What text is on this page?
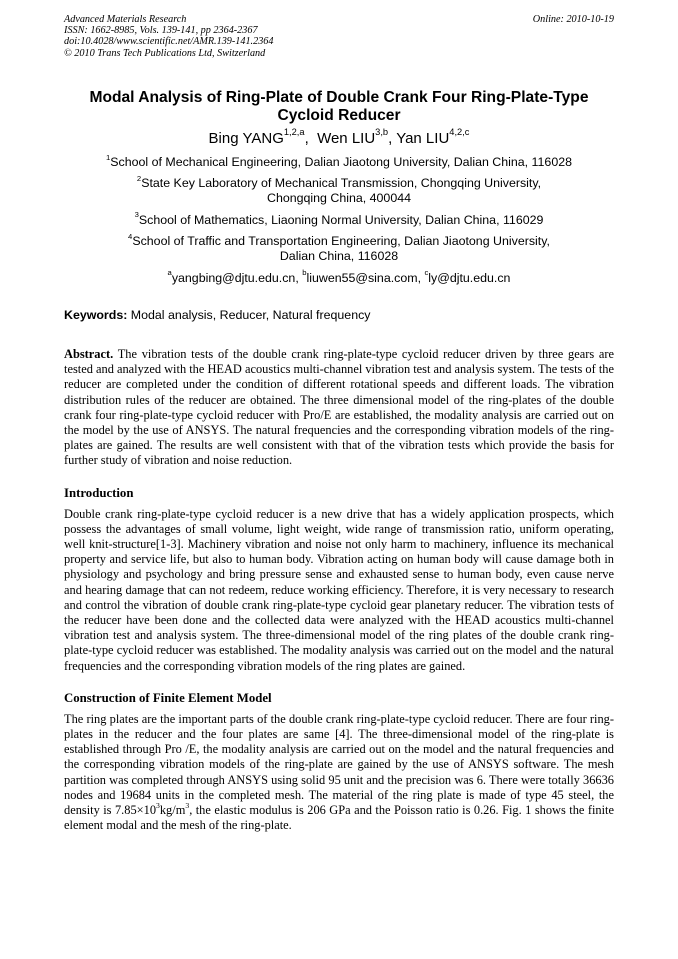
Advanced Materials Research
ISSN: 1662-8985, Vols. 139-141, pp 2364-2367
doi:10.4028/www.scientific.net/AMR.139-141.2364
© 2010 Trans Tech Publications Ltd, Switzerland
Online: 2010-10-19
Modal Analysis of Ring-Plate of Double Crank Four Ring-Plate-Type
Cycloid Reducer
Bing YANG$^{1,2,a}$,  Wen LIU$^{3,b}$, Yan LIU$^{4,2,c}$
$^1$School of Mechanical Engineering, Dalian Jiaotong University, Dalian China, 116028
$^2$State Key Laboratory of Mechanical Transmission, Chongqing University, Chongqing China, 400044
$^3$School of Mathematics, Liaoning Normal University, Dalian China, 116029
$^4$School of Traffic and Transportation Engineering, Dalian Jiaotong University, Dalian China, 116028
$^a$yangbing@djtu.edu.cn, $^b$liuwen55@sina.com, $^c$ly@djtu.edu.cn
Keywords: Modal analysis, Reducer, Natural frequency
Abstract. The vibration tests of the double crank ring-plate-type cycloid reducer driven by three gears are tested and analyzed with the HEAD acoustics multi-channel vibration test and analysis system. The tests of the reducer are completed under the condition of different rotational speeds and different loads. The vibration distribution rules of the reducer are obtained. The three dimensional model of the ring-plates of the double crank four ring-plate-type cycloid reducer with Pro/E are established, the modality analysis are carried out on the model by the use of ANSYS. The natural frequencies and the corresponding vibration models of the ring-plates are gained. The results are well consistent with that of the vibration tests which provide the basis for further study of vibration and noise reduction.
Introduction

Double crank ring-plate-type cycloid reducer is a new drive that has a widely application prospects, which possess the advantages of small volume, light weight, wide range of transmission ratio, uniform operating, well knit-structure[1-3]. Machinery vibration and noise not only harm to machinery, influence its mechanical property and service life, but also to human body. Vibration acting on human body will cause damage both in physiology and psychology and bring pressure sense and exhausted sense to human body, even cause nerve and hearing damage that can not redeem, reduce working efficiency. Therefore, it is very necessary to research and control the vibration of double crank ring-plate-type cycloid gear planetary reducer. The vibration tests of the reducer have been done and the collected data were analyzed with the HEAD acoustics multi-channel vibration test and analysis system. The three-dimensional model of the ring plates of the double crank ring-plate-type cycloid reducer was established. The modality analysis was carried out on the model and the natural frequencies and the corresponding vibration models of the ring plates are gained.

Construction of Finite Element Model

The ring plates are the important parts of the double crank ring-plate-type cycloid reducer. There are four ring-plates in the reducer and the four plates are same [4]. The three-dimensional model of the ring-plate is established through Pro /E, the modality analysis are carried out on the model and the natural frequencies and the corresponding vibration models of the ring-plate are gained by the use of ANSYS software. The mesh partition was completed through ANSYS using solid 95 unit and the precision was 6. There were totally 36636 nodes and 19684 units in the completed mesh. The material of the ring plate is made of type 45 steel, the density is $7.85\times 10^3kg/m^3$, the elastic modulus is 206 GPa and the Poisson ratio is 0.26. Fig. 1 shows the finite element modal and the mesh of the ring-plate.
